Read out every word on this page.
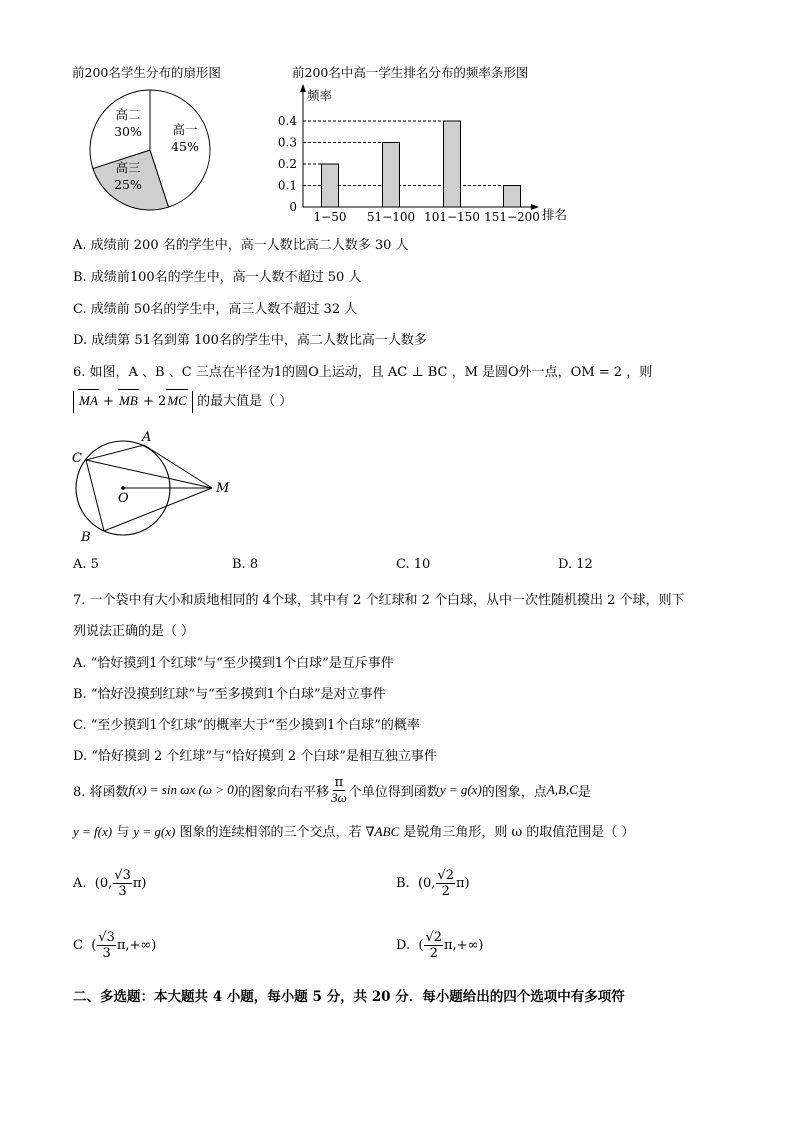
前200名学生分布的扇形图
高一
45%
高二
30%
高三
25%
前200名中高一学生排名分布的频率条形图
频率
排名
0
0.1
0.2
0.3
0.4
1−50 51−100 101−150 151−200
A. 成绩前 200 名的学生中，高一人数比高二人数多 30 人
B. 成绩前100名的学生中，高一人数不超过 50 人
C. 成绩前 50名的学生中，高三人数不超过 32 人
D. 成绩第 51名到第 100名的学生中，高二人数比高一人数多
6. 如图，A 、B 、C 三点在半径为1的圆O上运动，且 AC ⊥ BC ，M 是圆O外一点，OM = 2 ，则

MA +
MB + 2
MC 的最大值是（ ）
A
C
O
M
B
A. 5	B. 8	C. 10	D. 12
7. 一个袋中有大小和质地相同的 4个球，其中有 2 个红球和 2 个白球，从中一次性随机摸出 2 个球，则下
列说法正确的是（ ）
A. “恰好摸到1个红球”与“至少摸到1个白球”是互斥事件
B. “恰好没摸到红球”与“至多摸到1个白球”是对立事件
C. “至少摸到1个红球”的概率大于“至少摸到1个白球”的概率
D. “恰好摸到 2 个红球”与“恰好摸到 2 个白球”是相互独立事件
8. 将函数 f(x) = sin ωx (ω > 0) 的图象向右平移
π
3ω 个单位得到函数 y = g(x) 的图象，点 A,B,C 是
y = f(x) 与 y = g(x) 图象的连续相邻的三个交点，若 ∇ABC 是锐角三角形，则 ω 的取值范围是（ ）
A.
(0,
√3
3
π)	B.
(0,
√2
2
π)
C
(
√3
3
π,+∞)	D.
(
√2
2
π,+∞)
二、多选题：本大题共 4 小题，每小题 5 分，共 20 分．每小题给出的四个选项中有多项符
